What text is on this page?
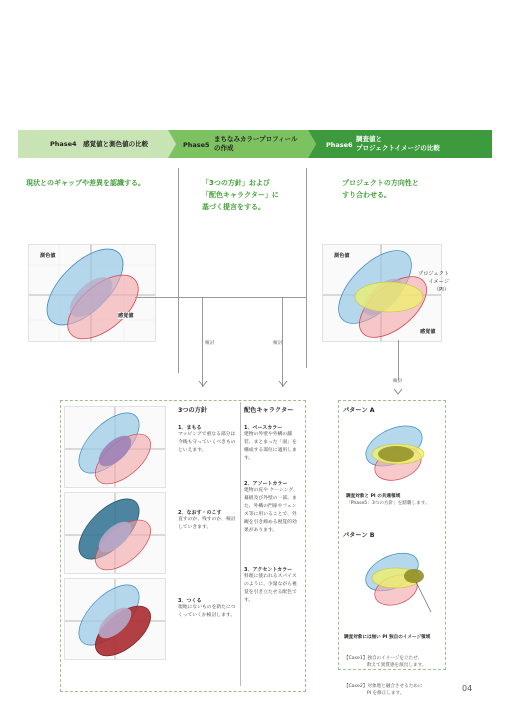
Phase4　 感覚値と測色値の比較	Phase5
まちなみカラープロフィール
の作成	Phase6
調査値と
プロジェクトイメージの比較
現状とのギャップや差異を認識する。	「3つの方針」および
「配色キャラクター」に
基づく提言をする。
プロジェクトの方向性と
すり合わせる。
測色値
感覚値
検討	検討
測色値
プロジェクト
イメージ
（PI）
感覚値
検討
3つの方針
1．まもる
マッピングで重なる部分は今後も守っていくべきものといえます。
2．なおす・のこす
直すのか、残すのか、検討していきます。
3．つくる
現地にないものを新たにつくっていくか検討します。
配色キャラクター
1．ベースカラー
建物の外壁や外構の舗装、まとまった「面」を構成する部位に適用します。
2．アソートカラー
建物の庇や ケーシング、幕板及び外壁の一部。また、外構の門扉やフェンス等に用いることで、外観を引き締める視覚的効果があります。
3．アクセントカラー
料理に使われるスパイスのように、少量ながら視覚を引き立たせる配色です。
パターン A
調査対象と PI の共通領域
「Phase5：3つの方針」を踏襲します。
パターン B

調査対象には無い PI 独自のイメージ領域

【Case1】独自のイメージを立たせ、
　　　　　飲えて異質感を演出します。

【Case2】対象地と融合させるために
　　　　　PI を修正します。

04
